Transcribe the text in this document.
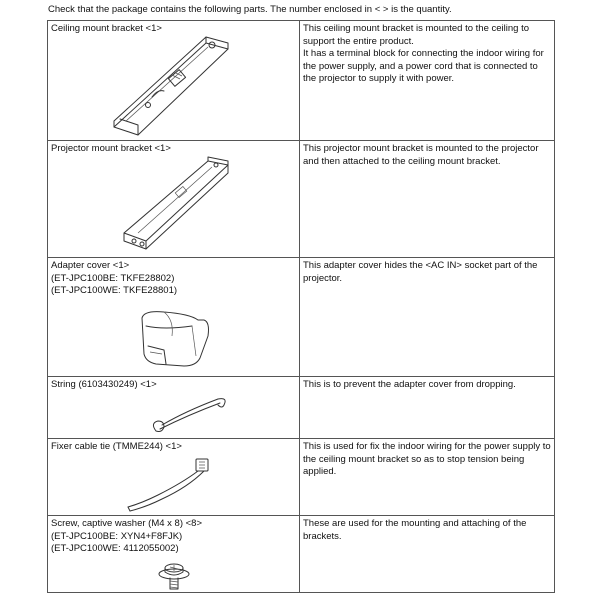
Check that the package contains the following parts. The number enclosed in < > is the quantity.
Ceiling mount bracket <1>	This ceiling mount bracket is mounted to the ceiling to support the entire product.
It has a terminal block for connecting the indoor wiring for the power supply, and a power cord that is connected to the projector to supply it with power.

Projector mount bracket <1>	This projector mount bracket is mounted to the projector and then attached to the ceiling mount bracket.

Adapter cover <1>
(ET-JPC100BE: TKFE28802)
(ET-JPC100WE: TKFE28801)	This adapter cover hides the <AC IN> socket part of the projector.

String (6103430249) <1>	This is to prevent the adapter cover from dropping.

Fixer cable tie (TMME244) <1>	This is used for fix the indoor wiring for the power supply to the ceiling mount bracket so as to stop tension being applied.

Screw, captive washer (M4 x 8) <8>
(ET-JPC100BE: XYN4+F8FJK)
(ET-JPC100WE: 4112055002)	These are used for the mounting and attaching of the brackets.
